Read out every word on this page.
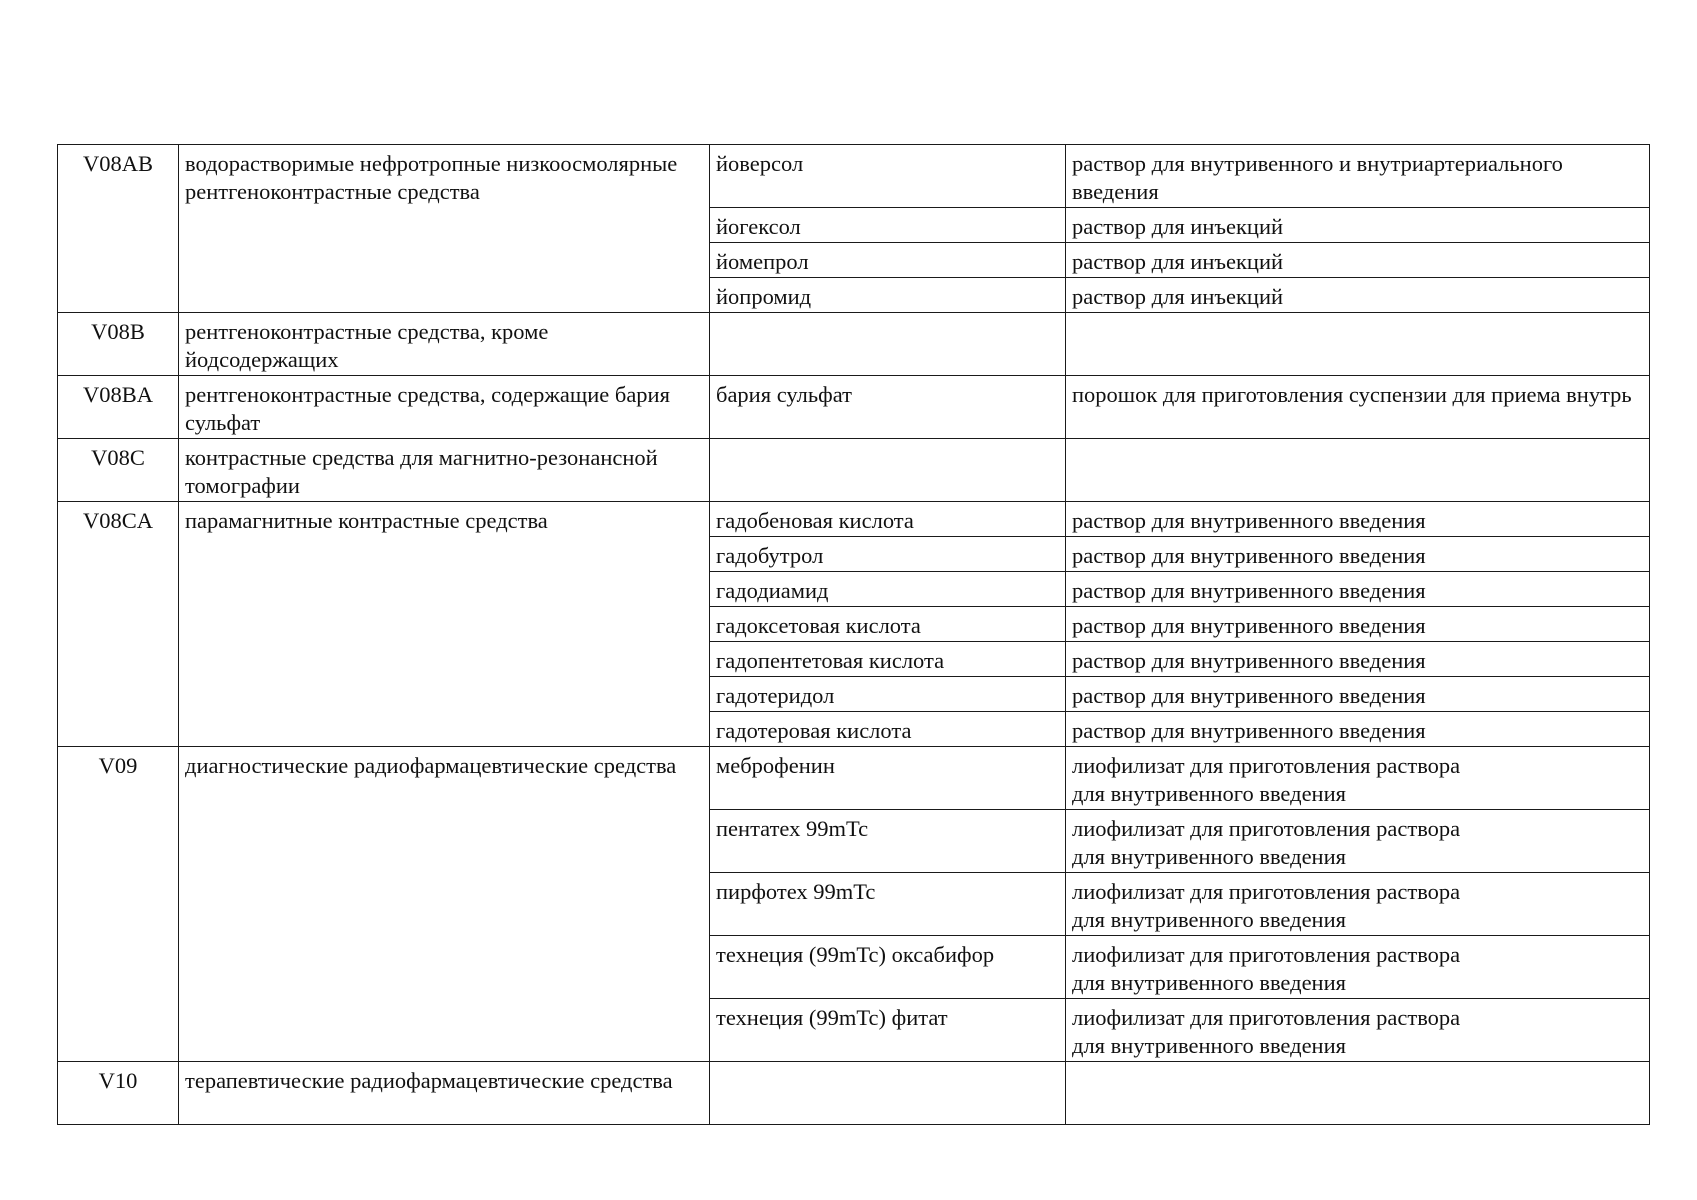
V08AB	водорастворимые нефротропные низкоосмолярные рентгеноконтрастные средства	йоверсол	раствор для внутривенного и внутриартериального введения
		йогексол	раствор для инъекций
		йомепрол	раствор для инъекций
		йопромид	раствор для инъекций
V08B	рентгеноконтрастные средства, кроме йодсодержащих		
V08BA	рентгеноконтрастные средства, содержащие бария сульфат	бария сульфат	порошок для приготовления суспензии для приема внутрь
V08C	контрастные средства для магнитно-резонансной томографии		
V08CA	парамагнитные контрастные средства	гадобеновая кислота	раствор для внутривенного введения
		гадобутрол	раствор для внутривенного введения
		гадодиамид	раствор для внутривенного введения
		гадоксетовая кислота	раствор для внутривенного введения
		гадопентетовая кислота	раствор для внутривенного введения
		гадотеридол	раствор для внутривенного введения
		гадотеровая кислота	раствор для внутривенного введения
V09	диагностические радиофармацевтические средства	меброфенин	лиофилизат для приготовления раствора
для внутривенного введения

		пентатех 99mTc	лиофилизат для приготовления раствора
для внутривенного введения

		пирфотех 99mTc	лиофилизат для приготовления раствора
для внутривенного введения

		технеция (99mTc) оксабифор	лиофилизат для приготовления раствора
для внутривенного введения

		технеция (99mTc) фитат	лиофилизат для приготовления раствора
для внутривенного введения

V10	терапевтические радиофармацевтические средства		
